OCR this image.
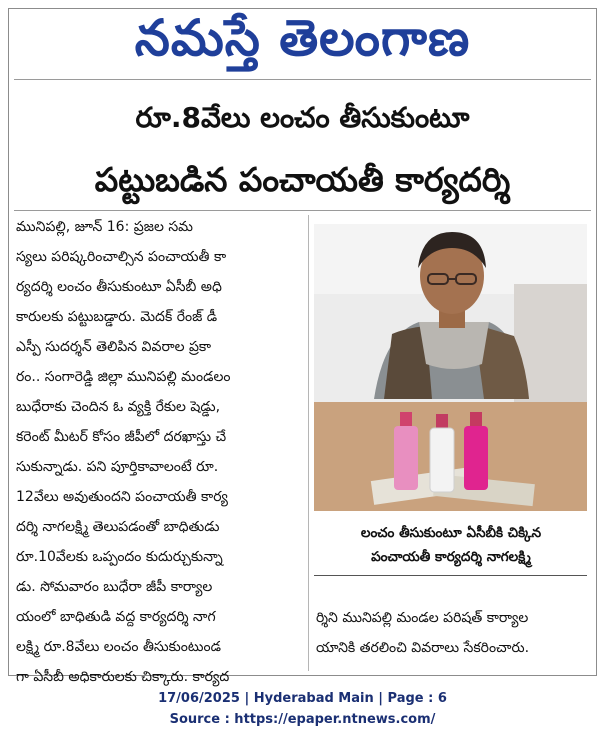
నమస్తే తెలంగాణ
రూ.8వేలు లంచం తీసుకుంటూ
పట్టుబడిన పంచాయతీ కార్యదర్శి
మునిపల్లి, జూన్ 16: ప్రజల సమ
స్యలు పరిష్కరించాల్సిన పంచాయతీ కా
ర్యదర్శి లంచం తీసుకుంటూ ఏసీబీ అధి
కారులకు పట్టుబడ్డారు. మెదక్ రేంజ్ డీ
ఎస్పీ సుదర్శన్ తెలిపిన వివరాల ప్రకా
రం.. సంగారెడ్డి జిల్లా మునిపల్లి మండలం
బుధేరాకు చెందిన ఓ వ్యక్తి రేకుల షెడ్డు,
కరెంట్ మీటర్ కోసం జీపీలో దరఖాస్తు చే
సుకున్నాడు. పని పూర్తికావాలంటే రూ.
12వేలు అవుతుందని పంచాయతీ కార్య
దర్శి నాగలక్ష్మి తెలుపడంతో బాధితుడు
రూ.10వేలకు ఒప్పందం కుదుర్చుకున్నా
డు. సోమవారం బుధేరా జీపీ కార్యాల
యంలో బాధితుడి వద్ద కార్యదర్శి నాగ
లక్ష్మి రూ.8వేలు లంచం తీసుకుంటుండ
గా ఏసీబీ అధికారులకు చిక్కారు. కార్యద
లంచం తీసుకుంటూ ఏసీబీకి చిక్కిన
పంచాయతీ కార్యదర్శి నాగలక్ష్మి
ర్శిని మునిపల్లి మండల పరిషత్ కార్యాల
యానికి తరలించి వివరాలు సేకరించారు.
17/06/2025 | Hyderabad Main | Page : 6
Source : https://epaper.ntnews.com/
